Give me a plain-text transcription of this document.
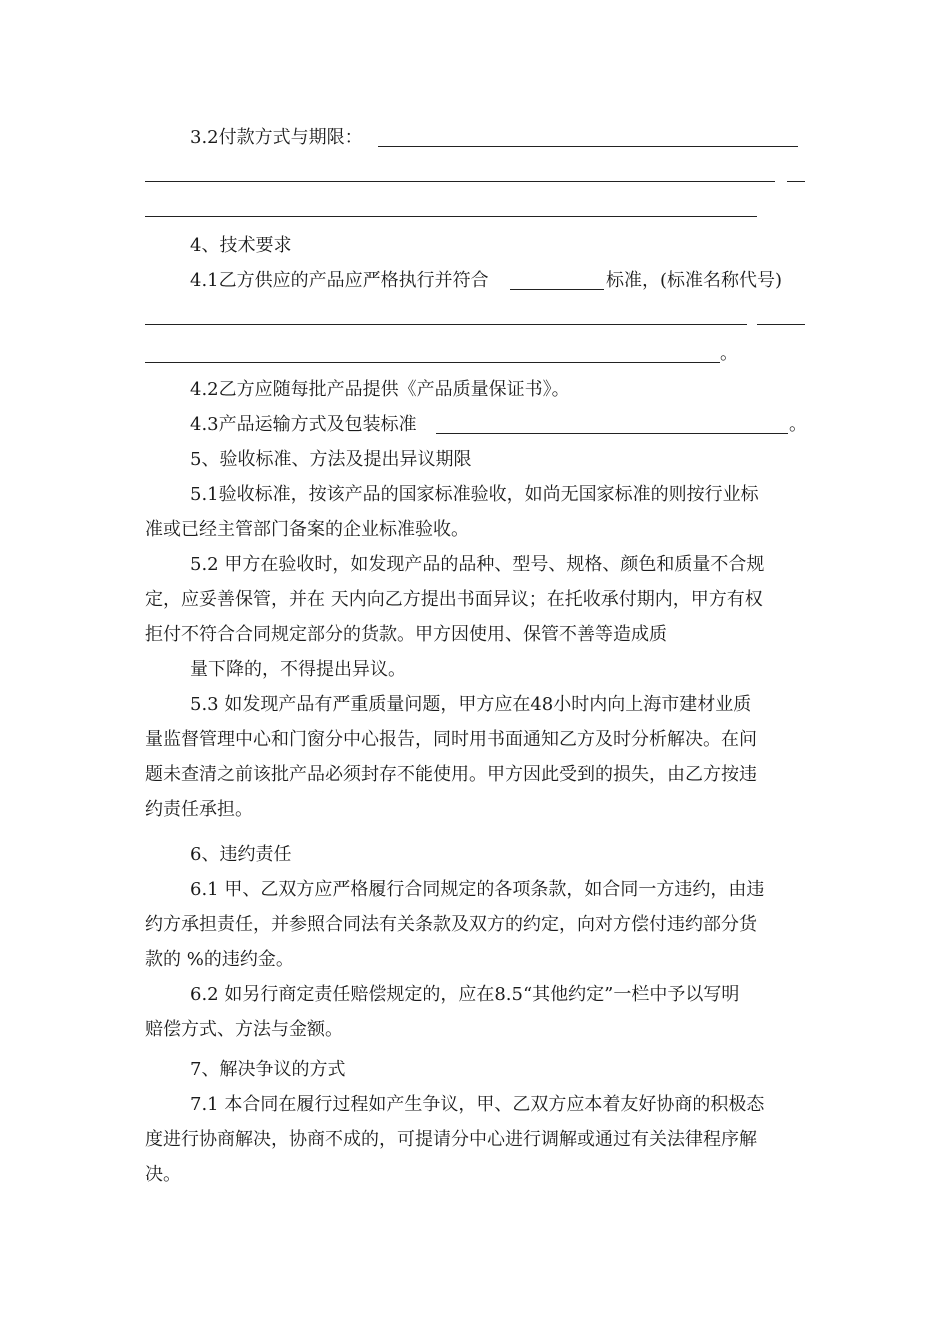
3.2付款方式与期限：
4、技术要求
4.1乙方供应的产品应严格执行并符合	标准，(标准名称代号)
。
4.2乙方应随每批产品提供《产品质量保证书》。
4.3产品运输方式及包装标准	。
5、验收标准、方法及提出异议期限
5.1验收标准，按该产品的国家标准验收，如尚无国家标准的则按行业标
准或已经主管部门备案的企业标准验收。
5.2 甲方在验收时，如发现产品的品种、型号、规格、颜色和质量不合规
定，应妥善保管，并在 天内向乙方提出书面异议；在托收承付期内，甲方有权
拒付不符合合同规定部分的货款。甲方因使用、保管不善等造成质
量下降的，不得提出异议。
5.3 如发现产品有严重质量问题，甲方应在48小时内向上海市建材业质
量监督管理中心和门窗分中心报告，同时用书面通知乙方及时分析解决。在问
题未查清之前该批产品必须封存不能使用。甲方因此受到的损失，由乙方按违
约责任承担。
6、违约责任
6.1 甲、乙双方应严格履行合同规定的各项条款，如合同一方违约，由违
约方承担责任，并参照合同法有关条款及双方的约定，向对方偿付违约部分货
款的 %的违约金。
6.2 如另行商定责任赔偿规定的，应在8.5“其他约定”一栏中予以写明
赔偿方式、方法与金额。
7、解决争议的方式
7.1 本合同在履行过程如产生争议，甲、乙双方应本着友好协商的积极态
度进行协商解决，协商不成的，可提请分中心进行调解或通过有关法律程序解
决。
